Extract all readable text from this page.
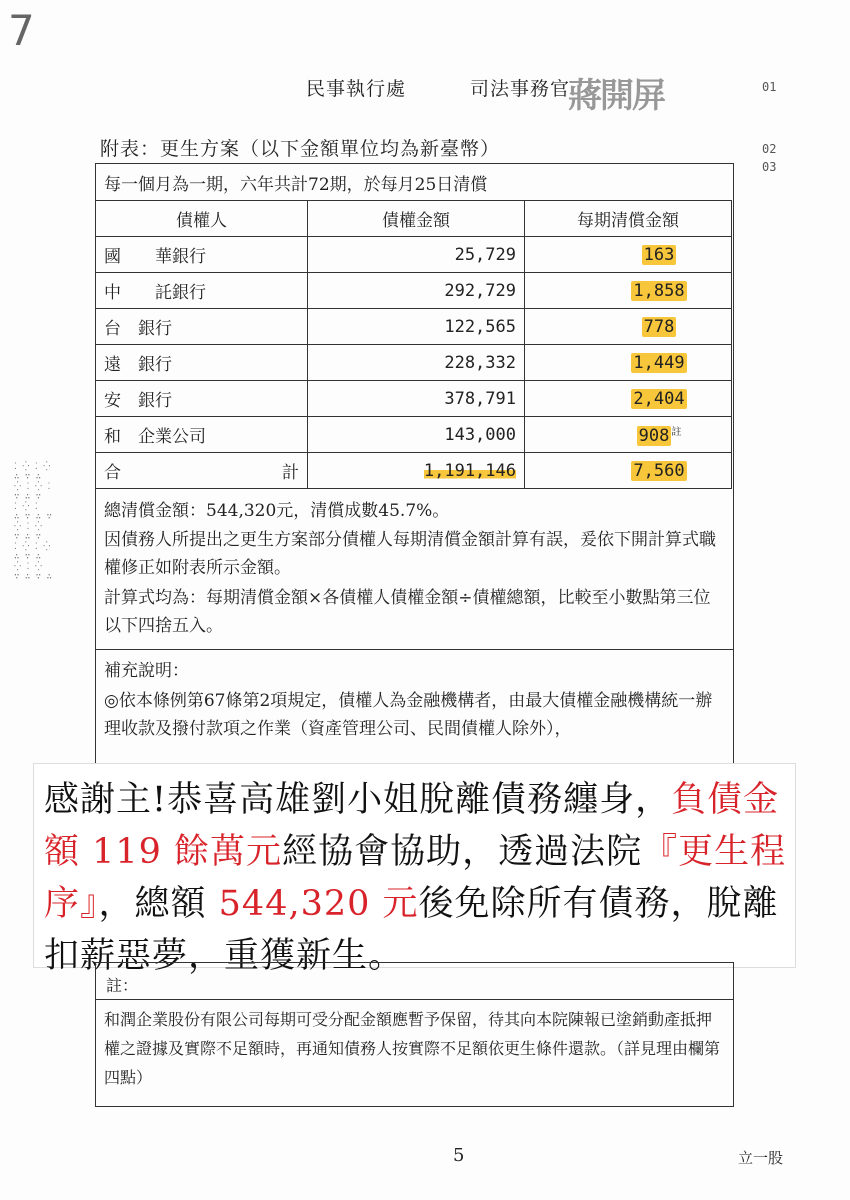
7
民事執行處	司法事務官
蔣開屏	01
02
03
附表：更生方案（以下金額單位均為新臺幣）
⁚ ⁛ ⁚ ⁛
∴ ∵ ∴
⁛ ⁚ ⁛ ⁚
∵ ∴ ∵
⁚ ⁛ ⁚
∴ ∵ ∴ ∵
⁛ ⁚ ⁛
∵ ∴ ∵
⁚ ⁛ ⁚ ⁛
∴ ∵ ∴
⁛ ⁚ ⁛
∵ ∴ ∵ ∴
每一個月為一期，六年共計72期，於每月25日清償
債權人	債權金額	每期清償金額
國　　華銀行	25,729	163
中　　託銀行	292,729	1,858
台　銀行	122,565	778
遠　銀行	228,332	1,449
安　銀行	378,791	2,404
和　企業公司	143,000	908 $^註$
合 計	1,191,146	7,560
總清償金額：544,320元，清償成數45.7%。
因債務人所提出之更生方案部分債權人每期清償金額計算有誤，爰依下開計算式職權修正如附表所示金額。
計算式均為：每期清償金額×各債權人債權金額÷債權總額，比較至小數點第三位以下四捨五入。
補充說明：
◎依本條例第67條第2項規定，債權人為金融機構者，由最大債權金融機構統一辦理收款及撥付款項之作業（資產管理公司、民間債權人除外），
感謝主!恭喜高雄劉小姐脫離債務纏身，負債金額 119 餘萬元經協會協助，透過法院『更生程序』，總額 544,320 元後免除所有債務，脫離扣薪惡夢，重獲新生。
註：
和潤企業股份有限公司每期可受分配金額應暫予保留，待其向本院陳報已塗銷動產抵押權之證據及實際不足額時，再通知債務人按實際不足額依更生條件還款。（詳見理由欄第四點）
5	立一股
